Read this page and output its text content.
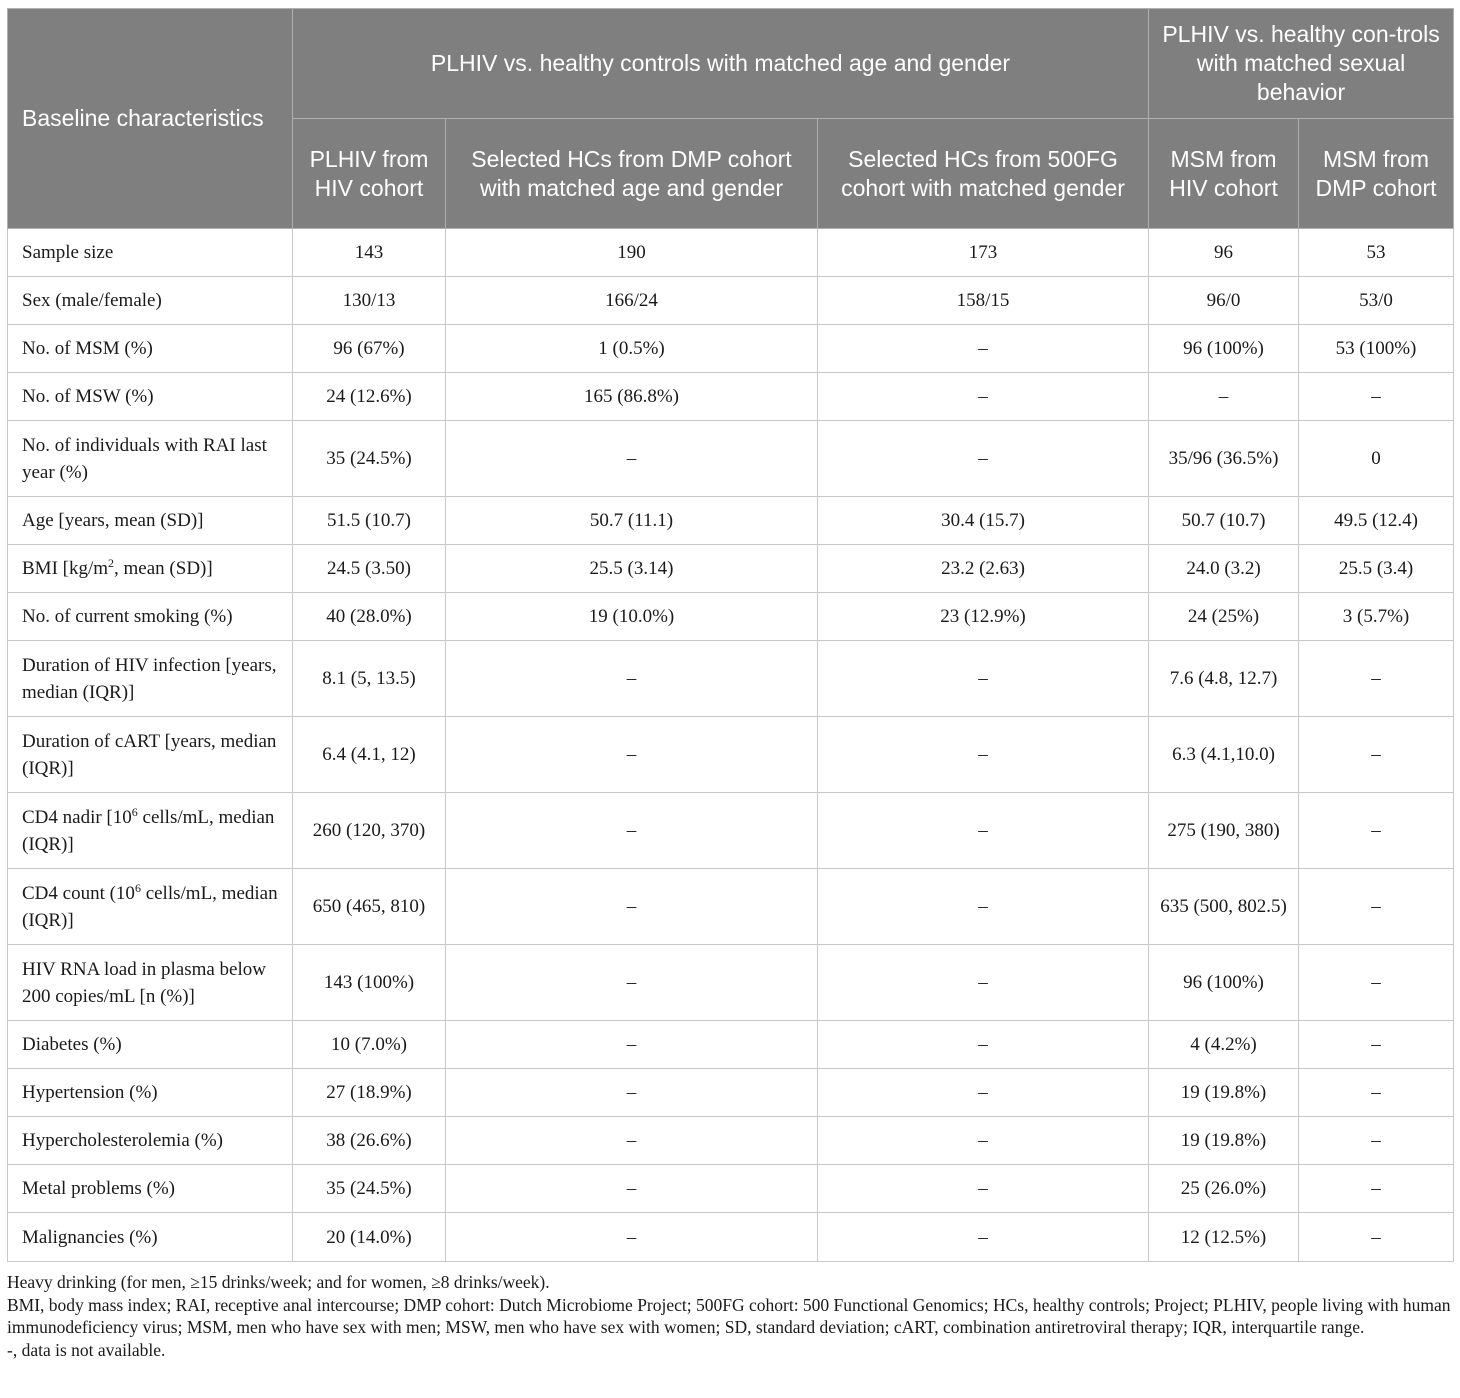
Baseline characteristics	PLHIV vs. healthy controls with matched age and gender			PLHIV vs. healthy con-trols with matched sexual behavior	
	PLHIV from HIV cohort	Selected HCs from DMP cohort with matched age and gender	Selected HCs from 500FG cohort with matched gender	MSM from HIV cohort	MSM from DMP cohort
Sample size	143	190	173	96	53
Sex (male/female)	130/13	166/24	158/15	96/0	53/0
No. of MSM (%)	96 (67%)	1 (0.5%)	–	96 (100%)	53 (100%)
No. of MSW (%)	24 (12.6%)	165 (86.8%)	–	–	–
No. of individuals with RAI last year (%)	35 (24.5%)	–	–	35/96 (36.5%)	0
Age [years, mean (SD)]	51.5 (10.7)	50.7 (11.1)	30.4 (15.7)	50.7 (10.7)	49.5 (12.4)
BMI [$kg/m^2$, mean (SD)]	24.5 (3.50)	25.5 (3.14)	23.2 (2.63)	24.0 (3.2)	25.5 (3.4)
No. of current smoking (%)	40 (28.0%)	19 (10.0%)	23 (12.9%)	24 (25%)	3 (5.7%)
Duration of HIV infection [years, median (IQR)]	8.1 (5, 13.5)	–	–	7.6 (4.8, 12.7)	–
Duration of cART [years, median (IQR)]	6.4 (4.1, 12)	–	–	6.3 (4.1,10.0)	–
CD4 nadir [$10^6$ cells/mL, median (IQR)]	260 (120, 370)	–	–	275 (190, 380)	–
CD4 count ($10^6$ cells/mL, median (IQR)]	650 (465, 810)	–	–	635 (500, 802.5)	–
HIV RNA load in plasma below 200 copies/mL [n (%)]	143 (100%)	–	–	96 (100%)	–
Diabetes (%)	10 (7.0%)	–	–	4 (4.2%)	–
Hypertension (%)	27 (18.9%)	–	–	19 (19.8%)	–
Hypercholesterolemia (%)	38 (26.6%)	–	–	19 (19.8%)	–
Metal problems (%)	35 (24.5%)	–	–	25 (26.0%)	–
Malignancies (%)	20 (14.0%)	–	–	12 (12.5%)	–

Heavy drinking (for men, ≥15 drinks/week; and for women, ≥8 drinks/week).

BMI, body mass index; RAI, receptive anal intercourse; DMP cohort: Dutch Microbiome Project; 500FG cohort: 500 Functional Genomics; HCs, healthy controls; Project; PLHIV, people living with human immunodeficiency virus; MSM, men who have sex with men; MSW, men who have sex with women; SD, standard deviation; cART, combination antiretroviral therapy; IQR, interquartile range.

-, data is not available.
